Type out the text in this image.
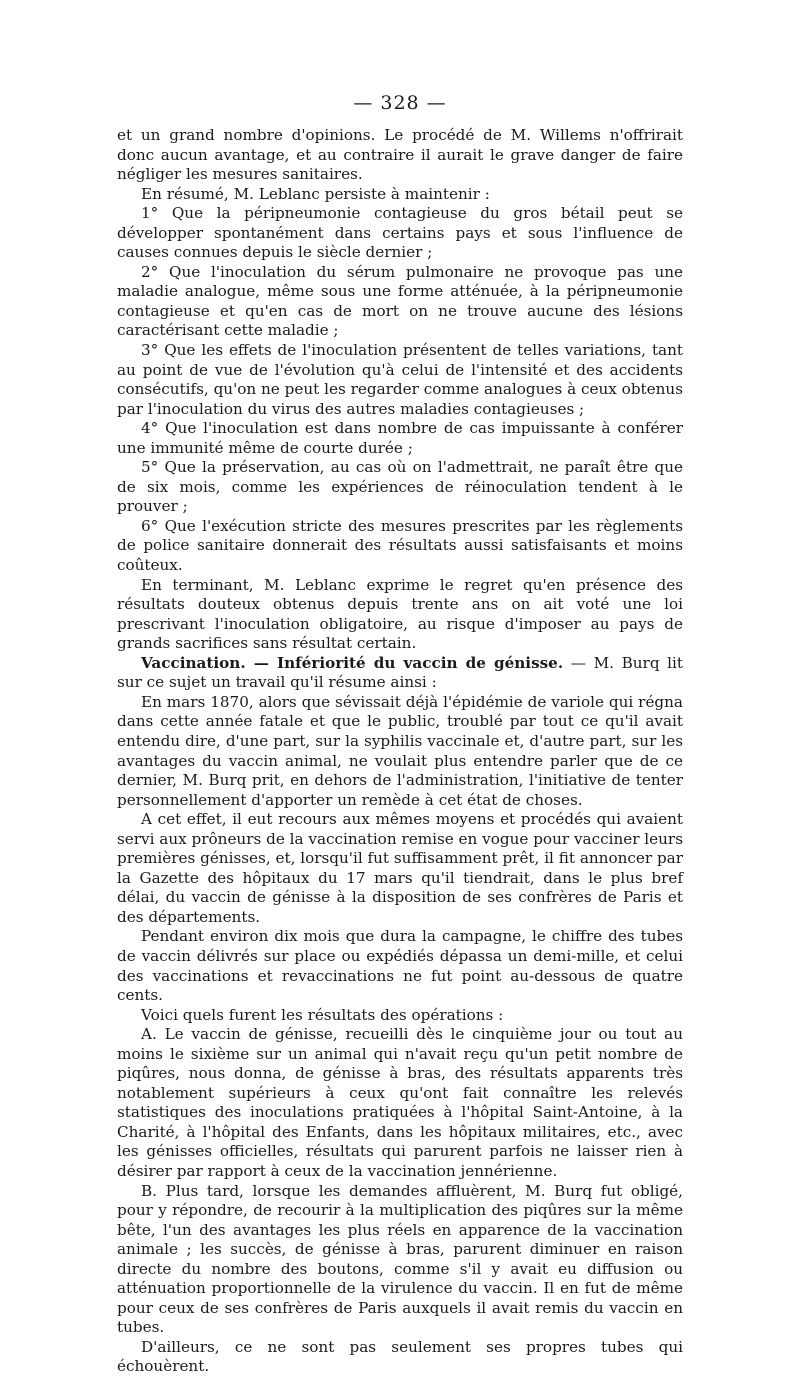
— 328 —

et un grand nombre d'opinions. Le procédé de M. Willems n'offrirait donc aucun avantage, et au contraire il aurait le grave danger de faire négliger les mesures sanitaires.

En résumé, M. Leblanc persiste à maintenir :

1° Que la péripneumonie contagieuse du gros bétail peut se développer spontanément dans certains pays et sous l'influence de causes connues depuis le siècle dernier ;

2° Que l'inoculation du sérum pulmonaire ne provoque pas une maladie analogue, même sous une forme atténuée, à la péripneumonie contagieuse et qu'en cas de mort on ne trouve aucune des lésions caractérisant cette maladie ;

3° Que les effets de l'inoculation présentent de telles variations, tant au point de vue de l'évolution qu'à celui de l'intensité et des accidents consécutifs, qu'on ne peut les regarder comme analogues à ceux obtenus par l'inoculation du virus des autres maladies contagieuses ;

4° Que l'inoculation est dans nombre de cas impuissante à conférer une immunité même de courte durée ;

5° Que la préservation, au cas où on l'admettrait, ne paraît être que de six mois, comme les expériences de réinoculation tendent à le prouver ;

6° Que l'exécution stricte des mesures prescrites par les règlements de police sanitaire donnerait des résultats aussi satisfaisants et moins coûteux.

En terminant, M. Leblanc exprime le regret qu'en présence des résultats douteux obtenus depuis trente ans on ait voté une loi prescrivant l'inoculation obligatoire, au risque d'imposer au pays de grands sacrifices sans résultat certain.

Vaccination. — Infériorité du vaccin de génisse. — M. Burq lit sur ce sujet un travail qu'il résume ainsi :

En mars 1870, alors que sévissait déjà l'épidémie de variole qui régna dans cette année fatale et que le public, troublé par tout ce qu'il avait entendu dire, d'une part, sur la syphilis vaccinale et, d'autre part, sur les avantages du vaccin animal, ne voulait plus entendre parler que de ce dernier, M. Burq prit, en dehors de l'administration, l'initiative de tenter personnellement d'apporter un remède à cet état de choses.

A cet effet, il eut recours aux mêmes moyens et procédés qui avaient servi aux prôneurs de la vaccination remise en vogue pour vacciner leurs premières génisses, et, lorsqu'il fut suffisamment prêt, il fit annoncer par la Gazette des hôpitaux du 17 mars qu'il tiendrait, dans le plus bref délai, du vaccin de génisse à la disposition de ses confrères de Paris et des départements.

Pendant environ dix mois que dura la campagne, le chiffre des tubes de vaccin délivrés sur place ou expédiés dépassa un demi-mille, et celui des vaccinations et revaccinations ne fut point au-dessous de quatre cents.

Voici quels furent les résultats des opérations :

A. Le vaccin de génisse, recueilli dès le cinquième jour ou tout au moins le sixième sur un animal qui n'avait reçu qu'un petit nombre de piqûres, nous donna, de génisse à bras, des résultats apparents très notablement supérieurs à ceux qu'ont fait connaître les relevés statistiques des inoculations pratiquées à l'hôpital Saint-Antoine, à la Charité, à l'hôpital des Enfants, dans les hôpitaux militaires, etc., avec les génisses officielles, résultats qui parurent parfois ne laisser rien à désirer par rapport à ceux de la vaccination jennérienne.

B. Plus tard, lorsque les demandes affluèrent, M. Burq fut obligé, pour y répondre, de recourir à la multiplication des piqûres sur la même bête, l'un des avantages les plus réels en apparence de la vaccination animale ; les succès, de génisse à bras, parurent diminuer en raison directe du nombre des boutons, comme s'il y avait eu diffusion ou atténuation proportionnelle de la virulence du vaccin. Il en fut de même pour ceux de ses confrères de Paris auxquels il avait remis du vaccin en tubes.

D'ailleurs, ce ne sont pas seulement ses propres tubes qui échouèrent.
